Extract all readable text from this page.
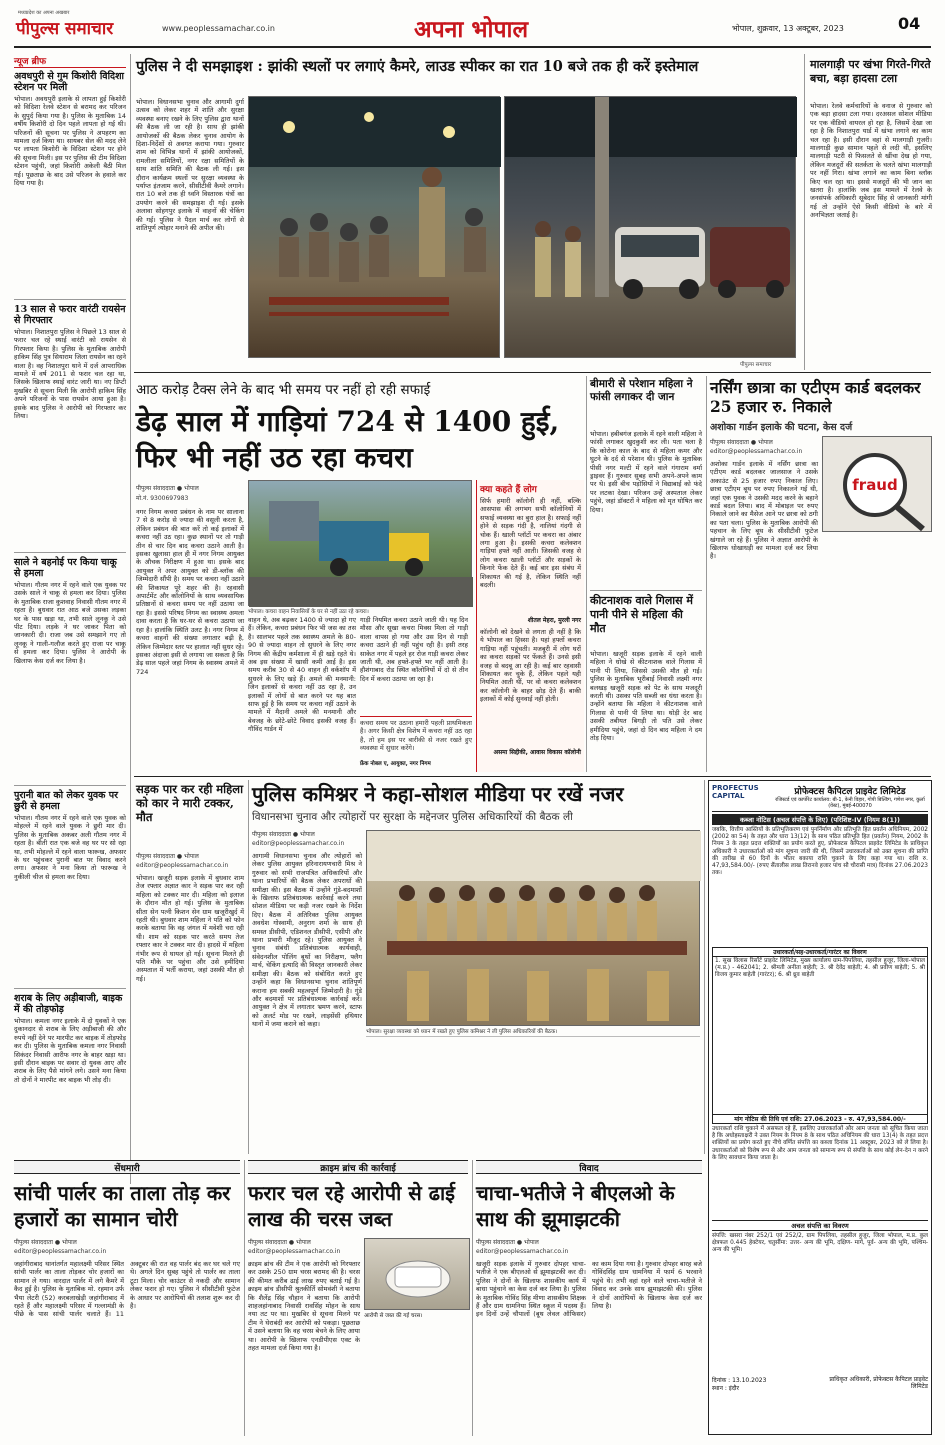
मध्यप्रदेश का अपना अखबार
पीपुल्स समाचार	www.peoplessamachar.co.in	अपना भोपाल	भोपाल, शुक्रवार, 13 अक्टूबर, 2023	04
न्यूज ब्रीफ
अवधपुरी से गुम किशोरी विदिशा स्टेशन पर मिली
भोपाल। अवधपुरी इलाके से लापता हुई किशोरी को विदिशा रेलवे स्टेशन से बरामद कर परिजन के सुपुर्द किया गया है। पुलिस के मुताबिक 14 वर्षीय किशोरी दो दिन पहले लापता हो गई थी। परिजनों की सूचना पर पुलिस ने अपहरण का मामला दर्ज किया था। सायबर सेल की मदद लेने पर लापता किशोरी के विदिशा स्टेशन पर होने की सूचना मिली। इस पर पुलिस की टीम विदिशा स्टेशन पहुंची, जहां किशोरी अकेली बैठी मिल गई। पूछताछ के बाद उसे परिजन के हवाले कर दिया गया है।
13 साल से फरार वारंटी रायसेन से गिरफ्तार
भोपाल। निशातपुरा पुलिस ने पिछले 13 साल से फरार चल रहे स्थाई वारंटी को रायसेन से गिरफ्तार किया है। पुलिस के मुताबिक आरोपी हाकिम सिंह पुत्र सियाराम जिला रायसेन का रहने वाला है। वह निशातपुरा थाने में दर्ज आपराधिक मामले में वर्ष 2011 से फरार चल रहा था, जिसके खिलाफ स्थाई वारंट जारी था। नए डिप्टी मुखबिर से सूचना मिली कि आरोपी हाकिम सिंह अपने परिजनों के पास रायसेन आया हुआ है। इसके बाद पुलिस ने आरोपी को गिरफ्तार कर लिया।
साले ने बहनोई पर किया चाकू से हमला
भोपाल। गौतम नगर में रहने वाले एक युवक पर उसके साले ने चाकू से हमला कर दिया। पुलिस के मुताबिक राजा कुशवाह निवासी गौतम नगर में रहता है। बुधवार रात आठ बजे उसका लड़का घर के पास खड़ा था, तभी साले लूनकू ने उसे पीट दिया। लड़के ने घर जाकर पिता को जानकारी दी। राजा जब उसे समझाने गए तो लूनकू ने गाली-गलौज करते हुए राजा पर चाकू से हमला कर दिया। पुलिस ने आरोपी के खिलाफ केस दर्ज कर लिया है।
पुरानी बात को लेकर युवक पर छुरी से हमला
भोपाल। गौतम नगर में रहने वाले एक युवक को मोहल्ले में रहने वाले युवक ने छुरी मार दी। पुलिस के मुताबिक अकबर अली गौतम नगर में रहता है। बीती रात एक बजे वह घर पर सो रहा था, तभी मोहल्ले में रहने वाला फारूख, अफसर के घर पहुंचकर पुरानी बात पर विवाद करने लगा। अफसर ने मना किया तो फारूख ने नुकीली चीज से हमला कर दिया।
शराब के लिए अड़ीबाजी, बाइक में की तोड़फोड़
भोपाल। कमला नगर इलाके में दो युवकों ने एक दुकानदार से शराब के लिए अड़ीबाजी की और रुपये नहीं देने पर मारपीट कर बाइक में तोड़फोड़ कर दी। पुलिस के मुताबिक कमला नगर निवासी सिकंदर निवासी आरीफ नगर के बाहर खड़ा था। इसी दौरान बाइक पर सवार दो युवक आए और शराब के लिए पैसे मांगने लगे। उसने मना किया तो दोनों ने मारपीट कर बाइक भी तोड़ दी।
पुलिस ने दी समझाइश : झांकी स्थलों पर लगाएं कैमरे, लाउड स्पीकर का रात 10 बजे तक ही करें इस्तेमाल
भोपाल। विधानसभा चुनाव और आगामी दुर्गा उत्सव को लेकर शहर में शांति और सुरक्षा व्यवस्था बनाए रखने के लिए पुलिस द्वारा थानों की बैठक ली जा रही है। साथ ही झांकी आयोजकों की बैठक लेकर चुनाव आयोग के दिशा-निर्देशों से अवगत कराया गया। गुरुवार शाम को विभिन्न थानों में झांकी आयोजकों, रामलीला समितियों, नगर रक्षा समितियों के साथ शांति समिति की बैठक ली गई। इस दौरान कार्यक्रम स्थलों पर सुरक्षा व्यवस्था के पर्याप्त इंतजाम करने, सीसीटीवी कैमरे लगाने। रात 10 बजे तक ही ध्वनि विस्तारक यंत्रों का उपयोग करने की समझाइश दी गई। इसके अलावा सोहगपुर इलाके में वाहनों की चेकिंग की गई। पुलिस ने पैदल मार्च कर लोगों से शांतिपूर्ण त्योहार मनाने की अपील की।
पीपुल्स समाचार
मालगाड़ी पर खंभा गिरते-गिरते बचा, बड़ा हादसा टला
भोपाल। रेलवे कर्मचारियों के वनाज से गुरुवार को एक बड़ा हादसा टला गया। दरअसल सोशल मीडिया पर एक वीडियो वायरल हो रहा है, जिसमें देखा जा रहा है कि निशातपुरा यार्ड में खंभा लगाने का काम चल रहा है। इसी दौरान वहां से मालगाड़ी गुजरी। मालगाड़ी कुछ सामान पहले से लदी थी, इसलिए मालगाड़ी पटरी से फिसलते से खींचा देख हो गया, लेकिन मजदूरों की सतर्कता के चलते खंभा मालगाड़ी पर नहीं गिरा। खंभा लगाने का काम बिना व्लॉक किए चल रहा था। इससे मजदूरों की भी जान का खतरा है। हालांकि जब इस मामले में रेलवे के जनसंपर्क अधिकारी सूबेदार सिंह से जानकारी मांगी गई तो उन्होंने ऐसे किसी वीडियो के बारे में अनभिज्ञता जताई है।
आठ करोड़ टैक्स लेने के बाद भी समय पर नहीं हो रही सफाई
डेढ़ साल में गाड़ियां 724 से 1400 हुई, फिर भी नहीं उठ रहा कचरा
पीपुल्स संवाददाता ● भोपाल
मो.नं. 9300697983
भोपाल। कचरा वाहन निवासियों के घर से नहीं उठा रहे कचरा।
नगर निगम कचरा प्रबंधन के नाम पर सालाना 7 से 8 करोड़ से ज्यादा की वसूली करता है, लेकिन प्रबंधन की बात करें तो कई इलाकों में कचरा नहीं उठ रहा। कुछ स्थानों पर तो गाड़ी तीन से चार दिन बाद कचरा उठाने आती है। इसका खुलासा हाल ही में नगर निगम आयुक्त के औचक निरीक्षण में हुआ था। इसके बाद आयुक्त ने अपर आयुक्त को डी-ब्लॉक की जिम्मेदारी सौंपी है। समय पर कचरा नहीं उठाने की शिकायत पूरे शहर की है। रहवासी अपार्टमेंट और कॉलोनियों के साथ व्यवसायिक प्रतिष्ठानों से कचरा समय पर नहीं उठाया जा रहा है। इससे परिषद निगम का स्वास्थ्य अमला दावा करता है कि घर-घर से कचरा उठाया जा रहा है। हालांकि स्थिति उलट है। नगर निगम में कचरा वाहनों की संख्या लगातार बढ़ी है, लेकिन जिम्मेदार स्तर पर हालात नहीं सुधर रहे। इसका अंदाजा इसी से लगाया जा सकता है कि डेढ़ साल पहले जहां निगम के स्वास्थ्य अमले में 724
वाहन थे, अब बढ़कर 1400 से ज्यादा हो गए हैं। लेकिन, कचरा प्रबंधन फिर भी जस का तस है। सालभर पहले तक स्वास्थ्य अमले के 80-90 से ज्यादा वाहन तो सुधरने के लिए नगर निगम की केंद्रीय कर्मशाला में ही खड़े रहते थे। अब इस संख्या में खासी कमी आई है। इस समय करीब 30 से 40 वाहन ही वर्कशॉप में सुधरने के लिए खड़े हैं। अमले की मनमानी: जिन इलाकों से कचरा नहीं उठ रहा है, उन इलाकों में लोगों से बात करने पर यह बात साफ हुई है कि समय पर कचरा नहीं उठाने के मामले में मैदानी अमले की मनमानी और बेवजह के छोटे-छोटे विवाद इसकी वजह हैं। गौविंद गार्डन में
गाड़ी नियमित कचरा उठाने जाती थी। यह दिन मौसा और सूखा कचरा मिक्स मिला तो गाड़ी वाला वापस हो गया और उस दिन से गाड़ी कचरा उठाने ही नहीं पहुंच रही है। इसी तरह साकेत नगर में पहले हर रोज गाड़ी कचरा लेकर जाती थी, अब हफ्ते-हफ्ते भर नहीं आती है। हौशंगाबाद रोड स्थित कॉलोनियों में दो से तीन दिन में कचरा उठाया जा रहा है।
कचरा समय पर उठाना हमारी पहली प्राथमिकता है। अगर किसी क्षेत्र विशेष में कचरा नहीं उठ रहा है, तो हम इस पर बारीकी से नजर रखते हुए व्यवस्था में सुधार करेंगे।
फ्रेंक नोबल ए, आयुक्त, नगर निगम
क्या कहते हैं लोग
सिर्फ हमारी कॉलोनी ही नहीं, बल्कि आसपास की लगभग सभी कॉलोनियों में सफाई व्यवस्था का बुरा हाल है। सफाई नहीं होने से सड़क गंदी है, नालियां गंदगी से चोक हैं। खाली प्लॉटों पर कचरा का अंबार लगा हुआ है। इसकी कचरा कलेक्शन गाड़ियां हफ्ते नहीं आती। जिसकी वजह से लोग कचरा खाली प्लॉटों और सड़कों के किनारे फेंक देते हैं। कई बार इस संबंध में शिकायत की गई है, लेकिन स्थिति नहीं बदली।
शीतल मेहरा, मुरली नगर
कॉलोनी को देखने से लगता ही नहीं है कि ये भोपाल का हिस्सा है। यहां हफ्तों कचरा गाड़िया नहीं पहुंचती। मजबूरी में लोग घरों का कचरा सड़कों पर फेंकते हैं। उनसे इसी वजह से बदबू आ रही है। कई बार रहवासी शिकायत कर चुके हैं, लेकिन पहले यही नियमित आती थीं, पर वो कचरा कलेक्शन कर कॉलोनी के बाहर छोड़ देते हैं। बाकी इलाकों में कोई सुनवाई नहीं होती।
असमा सिद्दीकी, आवास विकास कॉलोनी
बीमारी से परेशान महिला ने फांसी लगाकर दी जान
भोपाल। हबीबगंज इलाके में रहने वाली महिला ने फांसी लगाकर खुदकुशी कर ली। पता चला है कि कोरोना काल के बाद से महिला कमर और घुटने के दर्द से परेशान थी। पुलिस के मुताबिक पीसी नगर मल्टी में रहने वाले गंगाराम वर्मा ड्राइवर हैं। गुरुवार सुबह सभी अपने-अपने काम पर थे। इसी बीच पड़ोसियों ने विद्याबाई को फंदे पर लटका देखा। परिजन उन्हें अस्पताल लेकर पहुंचे, जहां डॉक्टरों ने महिला को मृत घोषित कर दिया।
कीटनाशक वाले गिलास में पानी पीने से महिला की मौत
भोपाल। खजूरी सड़क इलाके में रहने वाली महिला ने धोखे से कीटनाशक वाले गिलास में पानी पी लिया, जिससे उसकी मौत हो गई। पुलिस के मुताबिक भूरीबाई निवासी लक्ष्मी नगर बलखड़ खजूरी सड़क को पेट के साथ मजदूरी करती थी। उसका पति सब्जी का धंधा करता है। उन्होंने बताया कि महिला ने कीटनाशक वाले गिलास से पानी पी लिया था। थोड़ी देर बाद उसकी तबीयत बिगड़ी तो पति उसे लेकर हमीदिया पहुंचे, जहां दो दिन बाद महिला ने दम तोड़ दिया।
नर्सिंग छात्रा का एटीएम कार्ड बदलकर 25 हजार रु. निकाले
अशोका गार्डन इलाके की घटना, केस दर्ज
पीपुल्स संवाददाता ● भोपाल
editor@peoplessamachar.co.in
fraud
अशोका गार्डन इलाके में नर्सिंग छात्रा का एटीएम कार्ड बदलकर जालसाज ने उसके अकाउंट से 25 हजार रुपए निकाल लिए। छात्रा एटीएम बूथ पर रुपए निकालने गई थी, जहां एक युवक ने उसकी मदद करने के बहाने कार्ड बदल लिया। बाद में मोबाइल पर रुपए निकाले जाने का मैसेज आने पर छात्रा को ठगी का पता चला। पुलिस के मुताबिक आरोपी की पहचान के लिए बूथ के सीसीटीवी फुटेज खंगाले जा रहे हैं। पुलिस ने अज्ञात आरोपी के खिलाफ धोखाधड़ी का मामला दर्ज कर लिया है।
सड़क पार कर रही महिला को कार ने मारी टक्कर, मौत
पीपुल्स संवाददाता ● भोपाल
editor@peoplessamachar.co.in
भोपाल। खजूरी सड़क इलाके में बुधवार शाम तेज रफ्तार अज्ञात कार ने सड़क पार कर रही महिला को टक्कर मार दी। महिला को इलाज के दौरान मौत हो गई। पुलिस के मुताबिक सीता सेन पत्नी किशन सेन ग्राम खजूरीखुर्द में रहती थी। बुधवार शाम महिला ने पति को फोन करके बताया कि वह जंगल में मवेशी चरा रही थी। शाम को सड़क पार करते समय तेज रफ्तार कार ने टक्कर मार दी। हादसे में महिला गंभीर रूप से घायल हो गई। सूचना मिलते ही पति मौके पर पहुंचा और उसे हमीदिया अस्पताल में भर्ती कराया, जहां उसकी मौत हो गई।
पुलिस कमिश्नर ने कहा-सोशल मीडिया पर रखें नजर
विधानसभा चुनाव और त्योहारों पर सुरक्षा के मद्देनजर पुलिस अधिकारियों की बैठक ली
पीपुल्स संवाददाता ● भोपाल
editor@peoplessamachar.co.in
आगामी विधानसभा चुनाव और त्योहारों को लेकर पुलिस आयुक्त हरिनारायणचारी मिश्र ने गुरुवार को सभी राजपत्रित अधिकारियों और थाना प्रभारियों की बैठक लेकर अपराधों की समीक्षा की। इस बैठक में उन्होंने गुंडे-बदमाशों के खिलाफ प्रतिबंधात्मक कार्रवाई करने तथा सोशल मीडिया पर कड़ी नजर रखने के निर्देश दिए। बैठक में अतिरिक्त पुलिस आयुक्त अवधेश गोस्वामी, अनुराग शर्मा के साथ ही समस्त डीसीपी, एडिशनल डीसीपी, एसीपी और थाना प्रभारी मौजूद रहे। पुलिस आयुक्त ने चुनाव संबंधी प्रतिबंधात्मक कार्यवाही, संवेदनशील पोलिंग बूथों का निरीक्षण, फ्लैग मार्च, चेकिंग इत्यादि की विस्तृत जानकारी लेकर समीक्षा की। बैठक को संबोधित करते हुए उन्होंने कहा कि विधानसभा चुनाव शांतिपूर्ण कराना हम सबकी महत्वपूर्ण जिम्मेदारी है। गुंडे और बदमाशों पर प्रतिबंधात्मक कार्रवाई करें। आयुक्त ने क्षेत्र में लगातार भ्रमण करने, स्टाफ को अलर्ट मोड पर रखने, लाइसेंसी हथियार थानों में जमा कराने को कहा।
भोपाल। सुरक्षा व्यवस्था को ध्यान में रखते हुए पुलिस कमिश्नर ने ली पुलिस अधिकारियों की बैठक।
PROFECTUS CAPITAL	प्रोफेक्टस कैपिटल प्राइवेट लिमिटेड
रजिस्टर्ड एवं कार्पोरेट कार्यालय: बी-1, केनी विहार, गोपी बिल्डिंग, गणेश नगर, कुर्ला (वेस्ट), मुंबई-400070
कब्जा नोटिस (अचल संपत्ति के लिए) (परिशिष्ट-IV (नियम 8(1))
जबकि, वित्तीय आस्तियों के प्रतिभूतिकरण एवं पुनर्निर्माण और प्रतिभूति हित प्रवर्तन अधिनियम, 2002 (2002 का 54) के तहत और धारा 13(12) के साथ पठित प्रतिभूति हित (प्रवर्तन) नियम, 2002 के नियम 3 के तहत प्रदत्त शक्तियों का प्रयोग करते हुए, प्रोफेक्टस कैपिटल प्राइवेट लिमिटेड के प्राधिकृत अधिकारी ने उधारकर्ताओं को मांग सूचना जारी की थी, जिसमें उधारकर्ताओं को उक्त सूचना की प्राप्ति की तारीख से 60 दिनों के भीतर बकाया राशि चुकाने के लिए कहा गया था। राशि रु. 47,93,584.00/- (रुपए सैंतालीस लाख तिरानवे हजार पांच सौ चौरासी मात्र) दिनांक 27.06.2023 तक।
उधारकर्ता/सह-उधारकर्ता/गारंटर का विवरण
1. सुख विलास रिसॉर्ट प्राइवेट लिमिटेड, मुख्य कार्यालय ग्राम-पिपलिया, तहसील हुजूर, जिला-भोपाल (म.प्र.) - 462041; 2. श्रीमती अनीता बाहेती; 3. श्री देवेंद्र बाहेती; 4. श्री प्रवीण बाहेती; 5. श्री विजय कुमार बाहेती (गारंटर); 6. श्री ध्रुव बाहेती
मांग नोटिस की तिथि एवं राशि: 27.06.2023 - रु. 47,93,584.00/-
उधारकर्ता राशि चुकाने में असफल रहे हैं, इसलिए उधारकर्ताओं और आम जनता को सूचित किया जाता है कि अधोहस्ताक्षरी ने उक्त नियम के नियम 8 के साथ पठित अधिनियम की धारा 13(4) के तहत प्रदत्त शक्तियों का प्रयोग करते हुए नीचे वर्णित संपत्ति का कब्जा दिनांक 11 अक्टूबर, 2023 को ले लिया है। उधारकर्ताओं को विशेष रूप से और आम जनता को सामान्य रूप से संपत्ति के साथ कोई लेन-देन न करने के लिए सावधान किया जाता है।
अचल संपत्ति का विवरण
संपत्ति: खसरा नंबर 252/1 एवं 252/2, ग्राम पिपलिया, तहसील हुजूर, जिला भोपाल, म.प्र. कुल क्षेत्रफल 0.445 हेक्टेयर, चतुर्सीमा: उत्तर- अन्य की भूमि, दक्षिण- मार्ग, पूर्व- अन्य की भूमि, पश्चिम- अन्य की भूमि।
दिनांक : 13.10.2023
स्थान : इंदौर
प्राधिकृत अधिकारी, प्रोफेक्टस कैपिटल प्राइवेट लिमिटेड
सेंधमारी	क्राइम ब्रांच की कार्रवाई	विवाद
सांची पार्लर का ताला तोड़ कर हजारों का सामान चोरी
पीपुल्स संवाददाता ● भोपाल
editor@peoplessamachar.co.in
जहांगीराबाद थानांतर्गत महालक्ष्मी परिसर स्थित सांची पार्लर का ताला तोड़कर चोर हजारों का सामान ले गया। वारदात पार्लर में लगे कैमरे में कैद हुई है। पुलिस के मुताबिक मो. रहमान उर्फ भैया लेटरी (52) करबलाखेड़ी जहांगीराबाद में रहते हैं और महालक्ष्मी परिसर में गल्लामंडी के पीछे के पास सांची पार्लर चलाते हैं। 11 अक्टूबर की रात वह पार्लर बंद कर घर चले गए थे। अगले दिन सुबह पहुंचे तो पार्लर का ताला टूटा मिला। चोर काउंटर से नकदी और सामान लेकर फरार हो गए। पुलिस ने सीसीटीवी फुटेज के आधार पर आरोपियों की तलाश शुरू कर दी है।
फरार चल रहे आरोपी से ढाई लाख की चरस जब्त
पीपुल्स संवाददाता ● भोपाल
editor@peoplessamachar.co.in
आरोपी से जब्त की गई चरस।
क्राइम ब्रांच की टीम ने एक आरोपी को गिरफ्तार कर उसके 250 ग्राम चरस बरामद की है। चरस की कीमत करीब ढाई लाख रुपए बताई गई है। क्राइम ब्रांच डीसीपी श्रुतकीर्ति सोमवंशी ने बताया कि शैलेंद्र सिंह चौहान ने बताया कि आरोपी शाहजहांनाबाद निवासी रावसिंह मोहन के साथ नया तट पर था। मुखबिर से सूचना मिलने पर टीम ने घेराबंदी कर आरोपी को पकड़ा। पूछताछ में उसने बताया कि वह चरस बेचने के लिए आया था। आरोपी के खिलाफ एनडीपीएस एक्ट के तहत मामला दर्ज किया गया है।
चाचा-भतीजे ने बीएलओ के साथ की झूमाझटकी
पीपुल्स संवाददाता ● भोपाल
editor@peoplessamachar.co.in
खजूरी सड़क इलाके में गुरुवार दोपहर चाचा-भतीजे ने एक बीएलओ से झूमाझटकी कर दी। पुलिस ने दोनों के खिलाफ शासकीय कार्य में बाधा पहुंचाने का केस दर्ज कर लिया है। पुलिस के मुताबिक गोविंद सिंह मीणा शासकीय शिक्षक हैं और ग्राम धामनिया स्थित स्कूल में पदस्थ हैं। इन दिनों उन्हें चौपालों (बूथ लेवल ऑफिसर) का काम दिया गया है। गुरुवार दोपहर बारह बजे गोविंदसिंह ग्राम धामनिया में फार्म 6 भरवाने पहुंचे थे। तभी वहां रहने वाले चाचा-भतीजे ने विवाद कर उनके साथ झूमाझटकी की। पुलिस ने दोनों आरोपियों के खिलाफ केस दर्ज कर लिया है।
